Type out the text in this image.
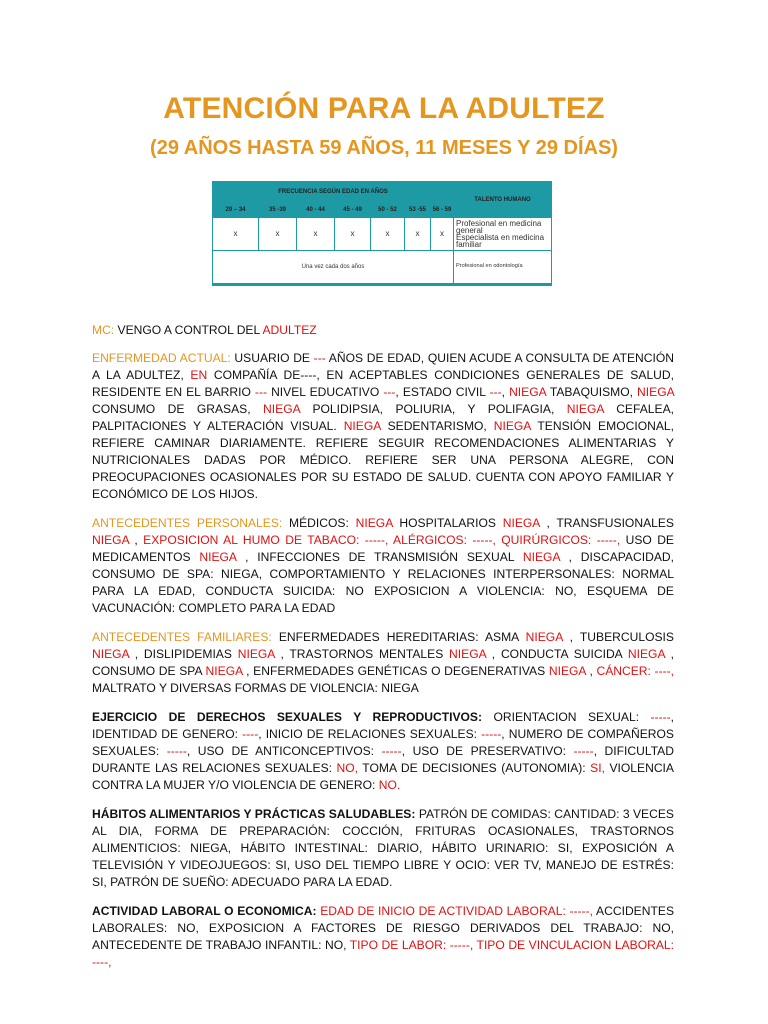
ATENCIÓN PARA LA ADULTEZ
(29 AÑOS HASTA 59 AÑOS, 11 MESES Y 29 DÍAS)
FRECUENCIA SEGÚN EDAD EN AÑOS							TALENTO HUMANO
29 – 34	35 -39	40 - 44	45 - 49	50 - 52	53 -55	56 - 59	
x	x	x	x	x	x	x	Profesional en medicina general
Especialista en medicina familiar

Una vez cada dos años							Profesional en odontología

MC: VENGO A CONTROL DEL ADULTEZ

ENFERMEDAD ACTUAL: USUARIO DE --- AÑOS DE EDAD, QUIEN ACUDE A CONSULTA DE ATENCIÓN A LA ADULTEZ, EN COMPAÑÍA DE----, EN ACEPTABLES CONDICIONES GENERALES DE SALUD, RESIDENTE EN EL BARRIO --- NIVEL EDUCATIVO ---, ESTADO CIVIL ---, NIEGA TABAQUISMO, NIEGA CONSUMO DE GRASAS, NIEGA POLIDIPSIA, POLIURIA, Y POLIFAGIA, NIEGA CEFALEA, PALPITACIONES Y ALTERACIÓN VISUAL. NIEGA SEDENTARISMO, NIEGA TENSIÓN EMOCIONAL, REFIERE CAMINAR DIARIAMENTE. REFIERE SEGUIR RECOMENDACIONES ALIMENTARIAS Y NUTRICIONALES DADAS POR MÉDICO. REFIERE SER UNA PERSONA ALEGRE, CON PREOCUPACIONES OCASIONALES POR SU ESTADO DE SALUD. CUENTA CON APOYO FAMILIAR Y ECONÓMICO DE LOS HIJOS.

ANTECEDENTES PERSONALES: MÉDICOS: NIEGA HOSPITALARIOS NIEGA , TRANSFUSIONALES NIEGA , EXPOSICION AL HUMO DE TABACO: -----, ALÉRGICOS: -----, QUIRÚRGICOS: -----, USO DE MEDICAMENTOS NIEGA , INFECCIONES DE TRANSMISIÓN SEXUAL NIEGA , DISCAPACIDAD, CONSUMO DE SPA: NIEGA, COMPORTAMIENTO Y RELACIONES INTERPERSONALES: NORMAL PARA LA EDAD, CONDUCTA SUICIDA: NO EXPOSICION A VIOLENCIA: NO, ESQUEMA DE VACUNACIÓN: COMPLETO PARA LA EDAD

ANTECEDENTES FAMILIARES: ENFERMEDADES HEREDITARIAS: ASMA NIEGA , TUBERCULOSIS NIEGA , DISLIPIDEMIAS NIEGA , TRASTORNOS MENTALES NIEGA , CONDUCTA SUICIDA NIEGA , CONSUMO DE SPA NIEGA , ENFERMEDADES GENÉTICAS O DEGENERATIVAS NIEGA , CÁNCER: ----, MALTRATO Y DIVERSAS FORMAS DE VIOLENCIA: NIEGA

EJERCICIO DE DERECHOS SEXUALES Y REPRODUCTIVOS: ORIENTACION SEXUAL: -----, IDENTIDAD DE GENERO: ----, INICIO DE RELACIONES SEXUALES: -----, NUMERO DE COMPAÑEROS SEXUALES: -----, USO DE ANTICONCEPTIVOS: -----, USO DE PRESERVATIVO: -----, DIFICULTAD DURANTE LAS RELACIONES SEXUALES: NO, TOMA DE DECISIONES (AUTONOMIA): SI, VIOLENCIA CONTRA LA MUJER Y/O VIOLENCIA DE GENERO: NO.

HÁBITOS ALIMENTARIOS Y PRÁCTICAS SALUDABLES: PATRÓN DE COMIDAS: CANTIDAD: 3 VECES AL DIA, FORMA DE PREPARACIÓN: COCCIÓN, FRITURAS OCASIONALES, TRASTORNOS ALIMENTICIOS: NIEGA, HÁBITO INTESTINAL: DIARIO, HÁBITO URINARIO: SI, EXPOSICIÓN A TELEVISIÓN Y VIDEOJUEGOS: SI, USO DEL TIEMPO LIBRE Y OCIO: VER TV, MANEJO DE ESTRÉS: SI, PATRÓN DE SUEÑO: ADECUADO PARA LA EDAD.

ACTIVIDAD LABORAL O ECONOMICA: EDAD DE INICIO DE ACTIVIDAD LABORAL: -----, ACCIDENTES LABORALES: NO, EXPOSICION A FACTORES DE RIESGO DERIVADOS DEL TRABAJO: NO, ANTECEDENTE DE TRABAJO INFANTIL: NO, TIPO DE LABOR: -----, TIPO DE VINCULACION LABORAL: ----,
